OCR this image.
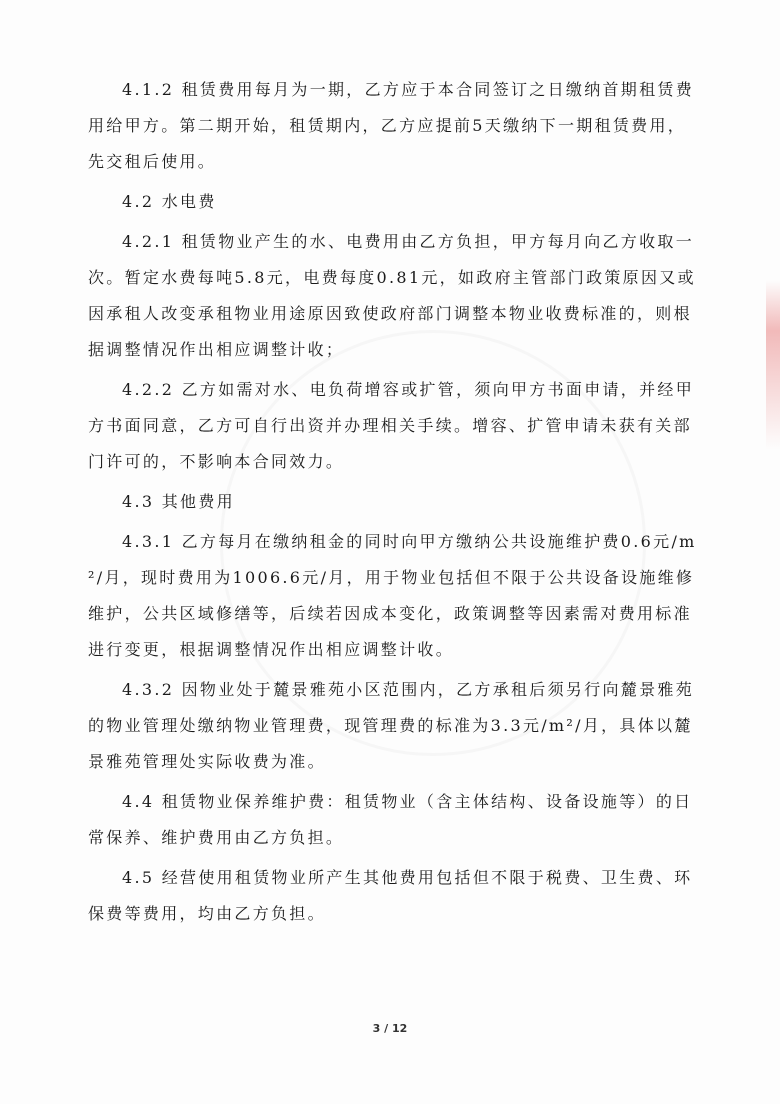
4.1.2 租赁费用每月为一期，乙方应于本合同签订之日缴纳首期租赁费用给甲方。第二期开始，租赁期内，乙方应提前5天缴纳下一期租赁费用，先交租后使用。

4.2 水电费

4.2.1 租赁物业产生的水、电费用由乙方负担，甲方每月向乙方收取一次。暂定水费每吨5.8元，电费每度0.81元，如政府主管部门政策原因又或因承租人改变承租物业用途原因致使政府部门调整本物业收费标准的，则根据调整情况作出相应调整计收；

4.2.2 乙方如需对水、电负荷增容或扩管，须向甲方书面申请，并经甲方书面同意，乙方可自行出资并办理相关手续。增容、扩管申请未获有关部门许可的，不影响本合同效力。

4.3 其他费用

4.3.1 乙方每月在缴纳租金的同时向甲方缴纳公共设施维护费0.6元/m²/月，现时费用为1006.6元/月，用于物业包括但不限于公共设备设施维修维护，公共区域修缮等，后续若因成本变化，政策调整等因素需对费用标准进行变更，根据调整情况作出相应调整计收。

4.3.2 因物业处于麓景雅苑小区范围内，乙方承租后须另行向麓景雅苑的物业管理处缴纳物业管理费，现管理费的标准为3.3元/m²/月，具体以麓景雅苑管理处实际收费为准。

4.4 租赁物业保养维护费：租赁物业（含主体结构、设备设施等）的日常保养、维护费用由乙方负担。

4.5 经营使用租赁物业所产生其他费用包括但不限于税费、卫生费、环保费等费用，均由乙方负担。

3 / 12
